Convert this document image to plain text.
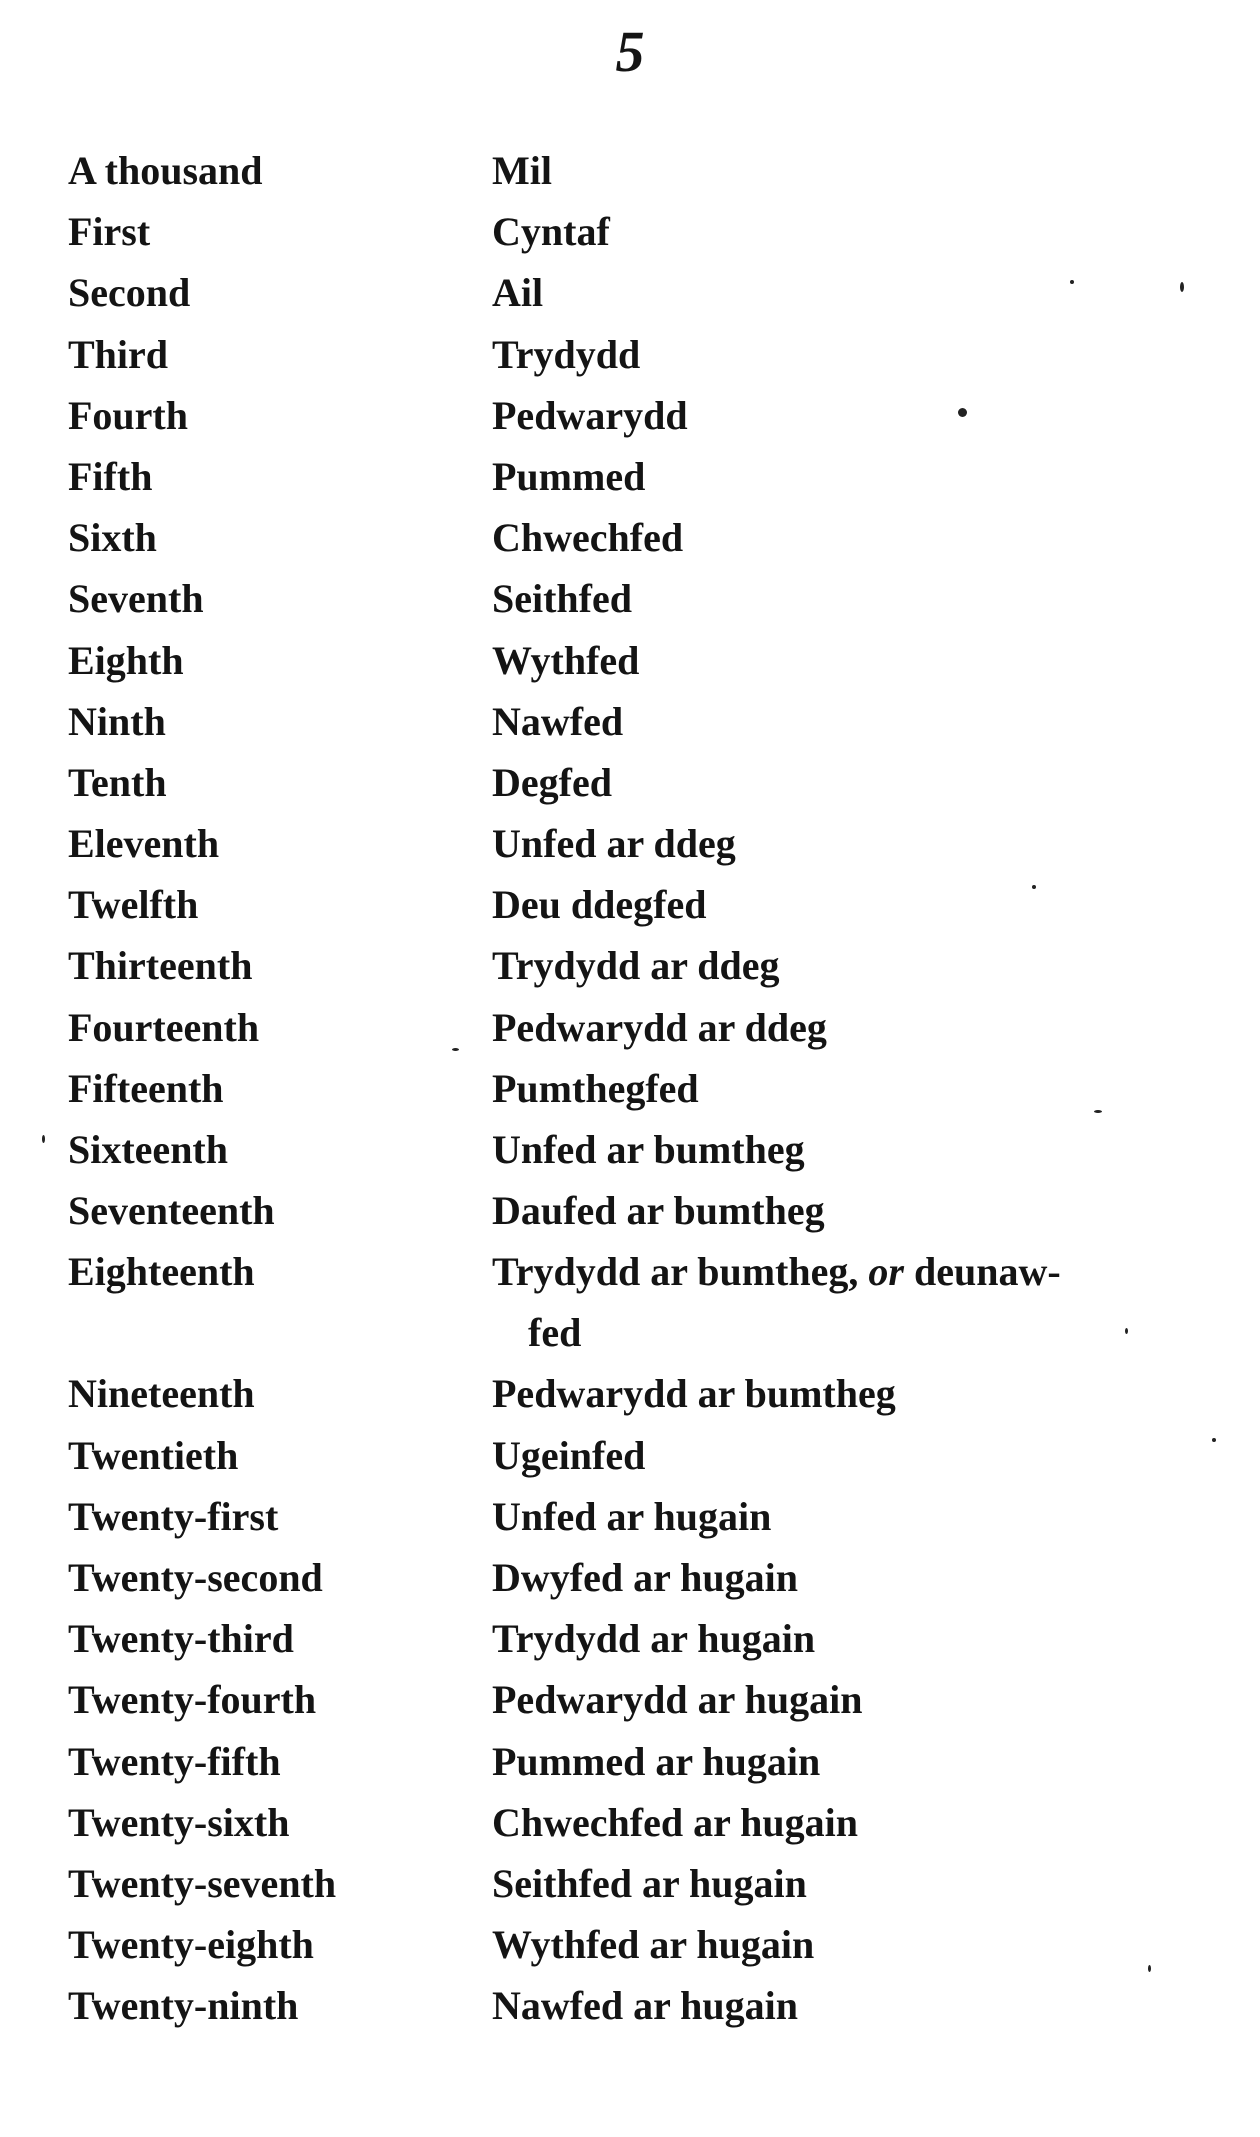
5
A thousand	Mil
First	Cyntaf
Second	Ail
Third	Trydydd
Fourth	Pedwarydd
Fifth	Pummed
Sixth	Chwechfed
Seventh	Seithfed
Eighth	Wythfed
Ninth	Nawfed
Tenth	Degfed
Eleventh	Unfed ar ddeg
Twelfth	Deu ddegfed
Thirteenth	Trydydd ar ddeg
Fourteenth	Pedwarydd ar ddeg
Fifteenth	Pumthegfed
Sixteenth	Unfed ar bumtheg
Seventeenth	Daufed ar bumtheg
Eighteenth	Trydydd ar bumtheg, or deunaw-
fed
Nineteenth	Pedwarydd ar bumtheg
Twentieth	Ugeinfed
Twenty-first	Unfed ar hugain
Twenty-second	Dwyfed ar hugain
Twenty-third	Trydydd ar hugain
Twenty-fourth	Pedwarydd ar hugain
Twenty-fifth	Pummed ar hugain
Twenty-sixth	Chwechfed ar hugain
Twenty-seventh	Seithfed ar hugain
Twenty-eighth	Wythfed ar hugain
Twenty-ninth	Nawfed ar hugain
